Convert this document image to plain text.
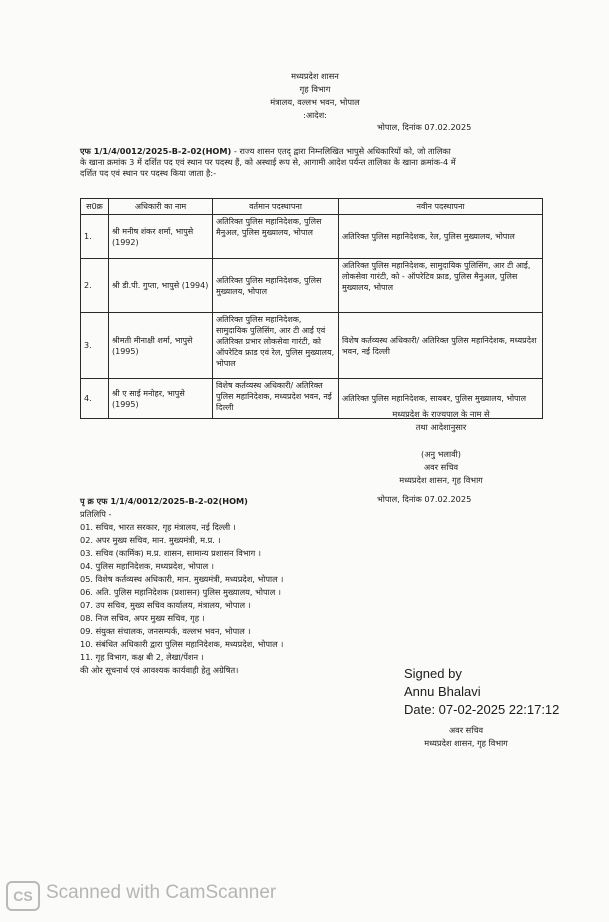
मध्यप्रदेश शासन
गृह विभाग
मंत्रालय, वल्लभ भवन, भोपाल
:आदेश:
भोपाल, दिनांक 07.02.2025
एफ 1/1/4/0012/2025-B-2-02(HOM) - राज्य शासन एतद् द्वारा निम्नलिखित भापुसे अधिकारियों को, जो तालिका
के खाना क्रमांक 3 में दर्शित पद एवं स्थान पर पदस्थ हैं, को अस्थाई रूप से, आगामी आदेश पर्यन्त तालिका के खाना क्रमांक-4 में
दर्शित पद एवं स्थान पर पदस्थ किया जाता है:-
स0क्र	अधिकारी का नाम	वर्तमान पदस्थापना	नवीन पदस्थापना
1.	श्री मनीष शंकर शर्मा, भापुसे (1992)	अतिरिक्त पुलिस महानिदेशक, पुलिस मैनुअल, पुलिस मुख्यालय, भोपाल	अतिरिक्त पुलिस महानिदेशक, रेल, पुलिस मुख्यालय, भोपाल
2.	श्री डी.पी. गुप्ता, भापुसे (1994)	अतिरिक्त पुलिस महानिदेशक, पुलिस मुख्यालय, भोपाल	अतिरिक्त पुलिस महानिदेशक, सामुदायिक पुलिसिंग, आर टी आई, लोकसेवा गारंटी, को - ऑपरेटिव फ्राड, पुलिस मैनुअल, पुलिस मुख्यालय, भोपाल
3.	श्रीमती मीनाक्षी शर्मा, भापुसे (1995)	अतिरिक्त पुलिस महानिदेशक, सामुदायिक पुलिसिंग, आर टी आई एवं अतिरिक्त प्रभार लोकसेवा गारंटी, को ऑपरेटिव फ्राड एवं रेल, पुलिस मुख्यालय, भोपाल	विशेष कर्तव्यस्थ अधिकारी/ अतिरिक्त पुलिस महानिदेशक, मध्यप्रदेश भवन, नई दिल्ली
4.	श्री ए साई मनोहर, भापुसे (1995)	विशेष कर्तव्यस्थ अधिकारी/ अतिरिक्त पुलिस महानिदेशक, मध्यप्रदेश भवन, नई दिल्ली	अतिरिक्त पुलिस महानिदेशक, सायबर, पुलिस मुख्यालय, भोपाल
मध्यप्रदेश के राज्यपाल के नाम से
तथा आदेशानुसार
(अनु भलावी)
अवर सचिव
मध्यप्रदेश शासन, गृह विभाग
पृ क्र एफ 1/1/4/0012/2025-B-2-02(HOM)	भोपाल, दिनांक 07.02.2025
प्रतिलिपि -
01. सचिव, भारत सरकार, गृह मंत्रालय, नई दिल्ली ।
02. अपर मुख्य सचिव, मान. मुख्यमंत्री, म.प्र. ।
03. सचिव (कार्मिक) म.प्र. शासन, सामान्य प्रशासन विभाग ।
04. पुलिस महानिदेशक, मध्यप्रदेश, भोपाल ।
05. विशेष कर्तव्यस्थ अधिकारी, मान. मुख्यमंत्री, मध्यप्रदेश, भोपाल ।
06. अति. पुलिस महानिदेशक (प्रशासन) पुलिस मुख्यालय, भोपाल ।
07. उप सचिव, मुख्य सचिव कार्यालय, मंत्रालय, भोपाल ।
08. निज सचिव, अपर मुख्य सचिव, गृह ।
09. संयुक्त संचालक, जनसम्पर्क, वल्लभ भवन, भोपाल ।
10. संबंधित अधिकारी द्वारा पुलिस महानिदेशक, मध्यप्रदेश, भोपाल ।
11. गृह विभाग, कक्ष बी 2, लेखा/पेंशन ।
की ओर सूचनार्थ एवं आवश्यक कार्यवाही हेतु अग्रेषित।	Signed by
Annu Bhalavi
Date: 07-02-2025 22:17:12
अवर सचिव
मध्यप्रदेश शासन, गृह विभाग
CS Scanned with CamScanner
